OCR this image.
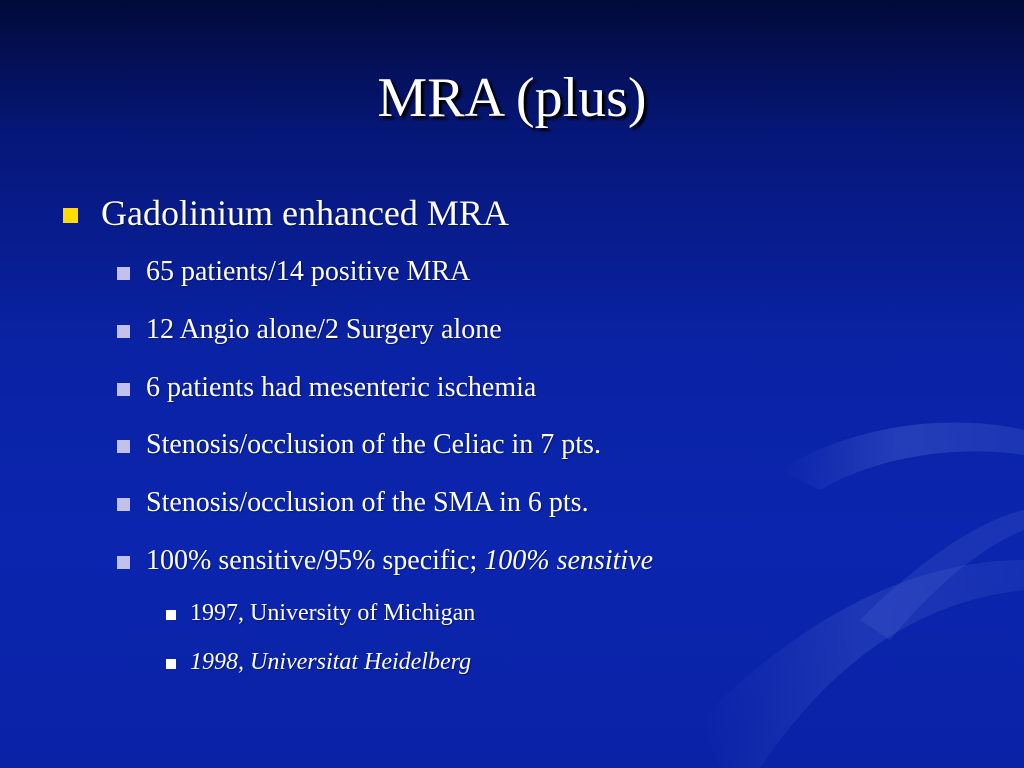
MRA (plus)
Gadolinium enhanced MRA
65 patients/14 positive MRA
12 Angio alone/2 Surgery alone
6 patients had mesenteric ischemia
Stenosis/occlusion of the Celiac in 7 pts.
Stenosis/occlusion of the SMA in 6 pts.
100% sensitive/95% specific; 100% sensitive
1997, University of Michigan
1998, Universitat Heidelberg
